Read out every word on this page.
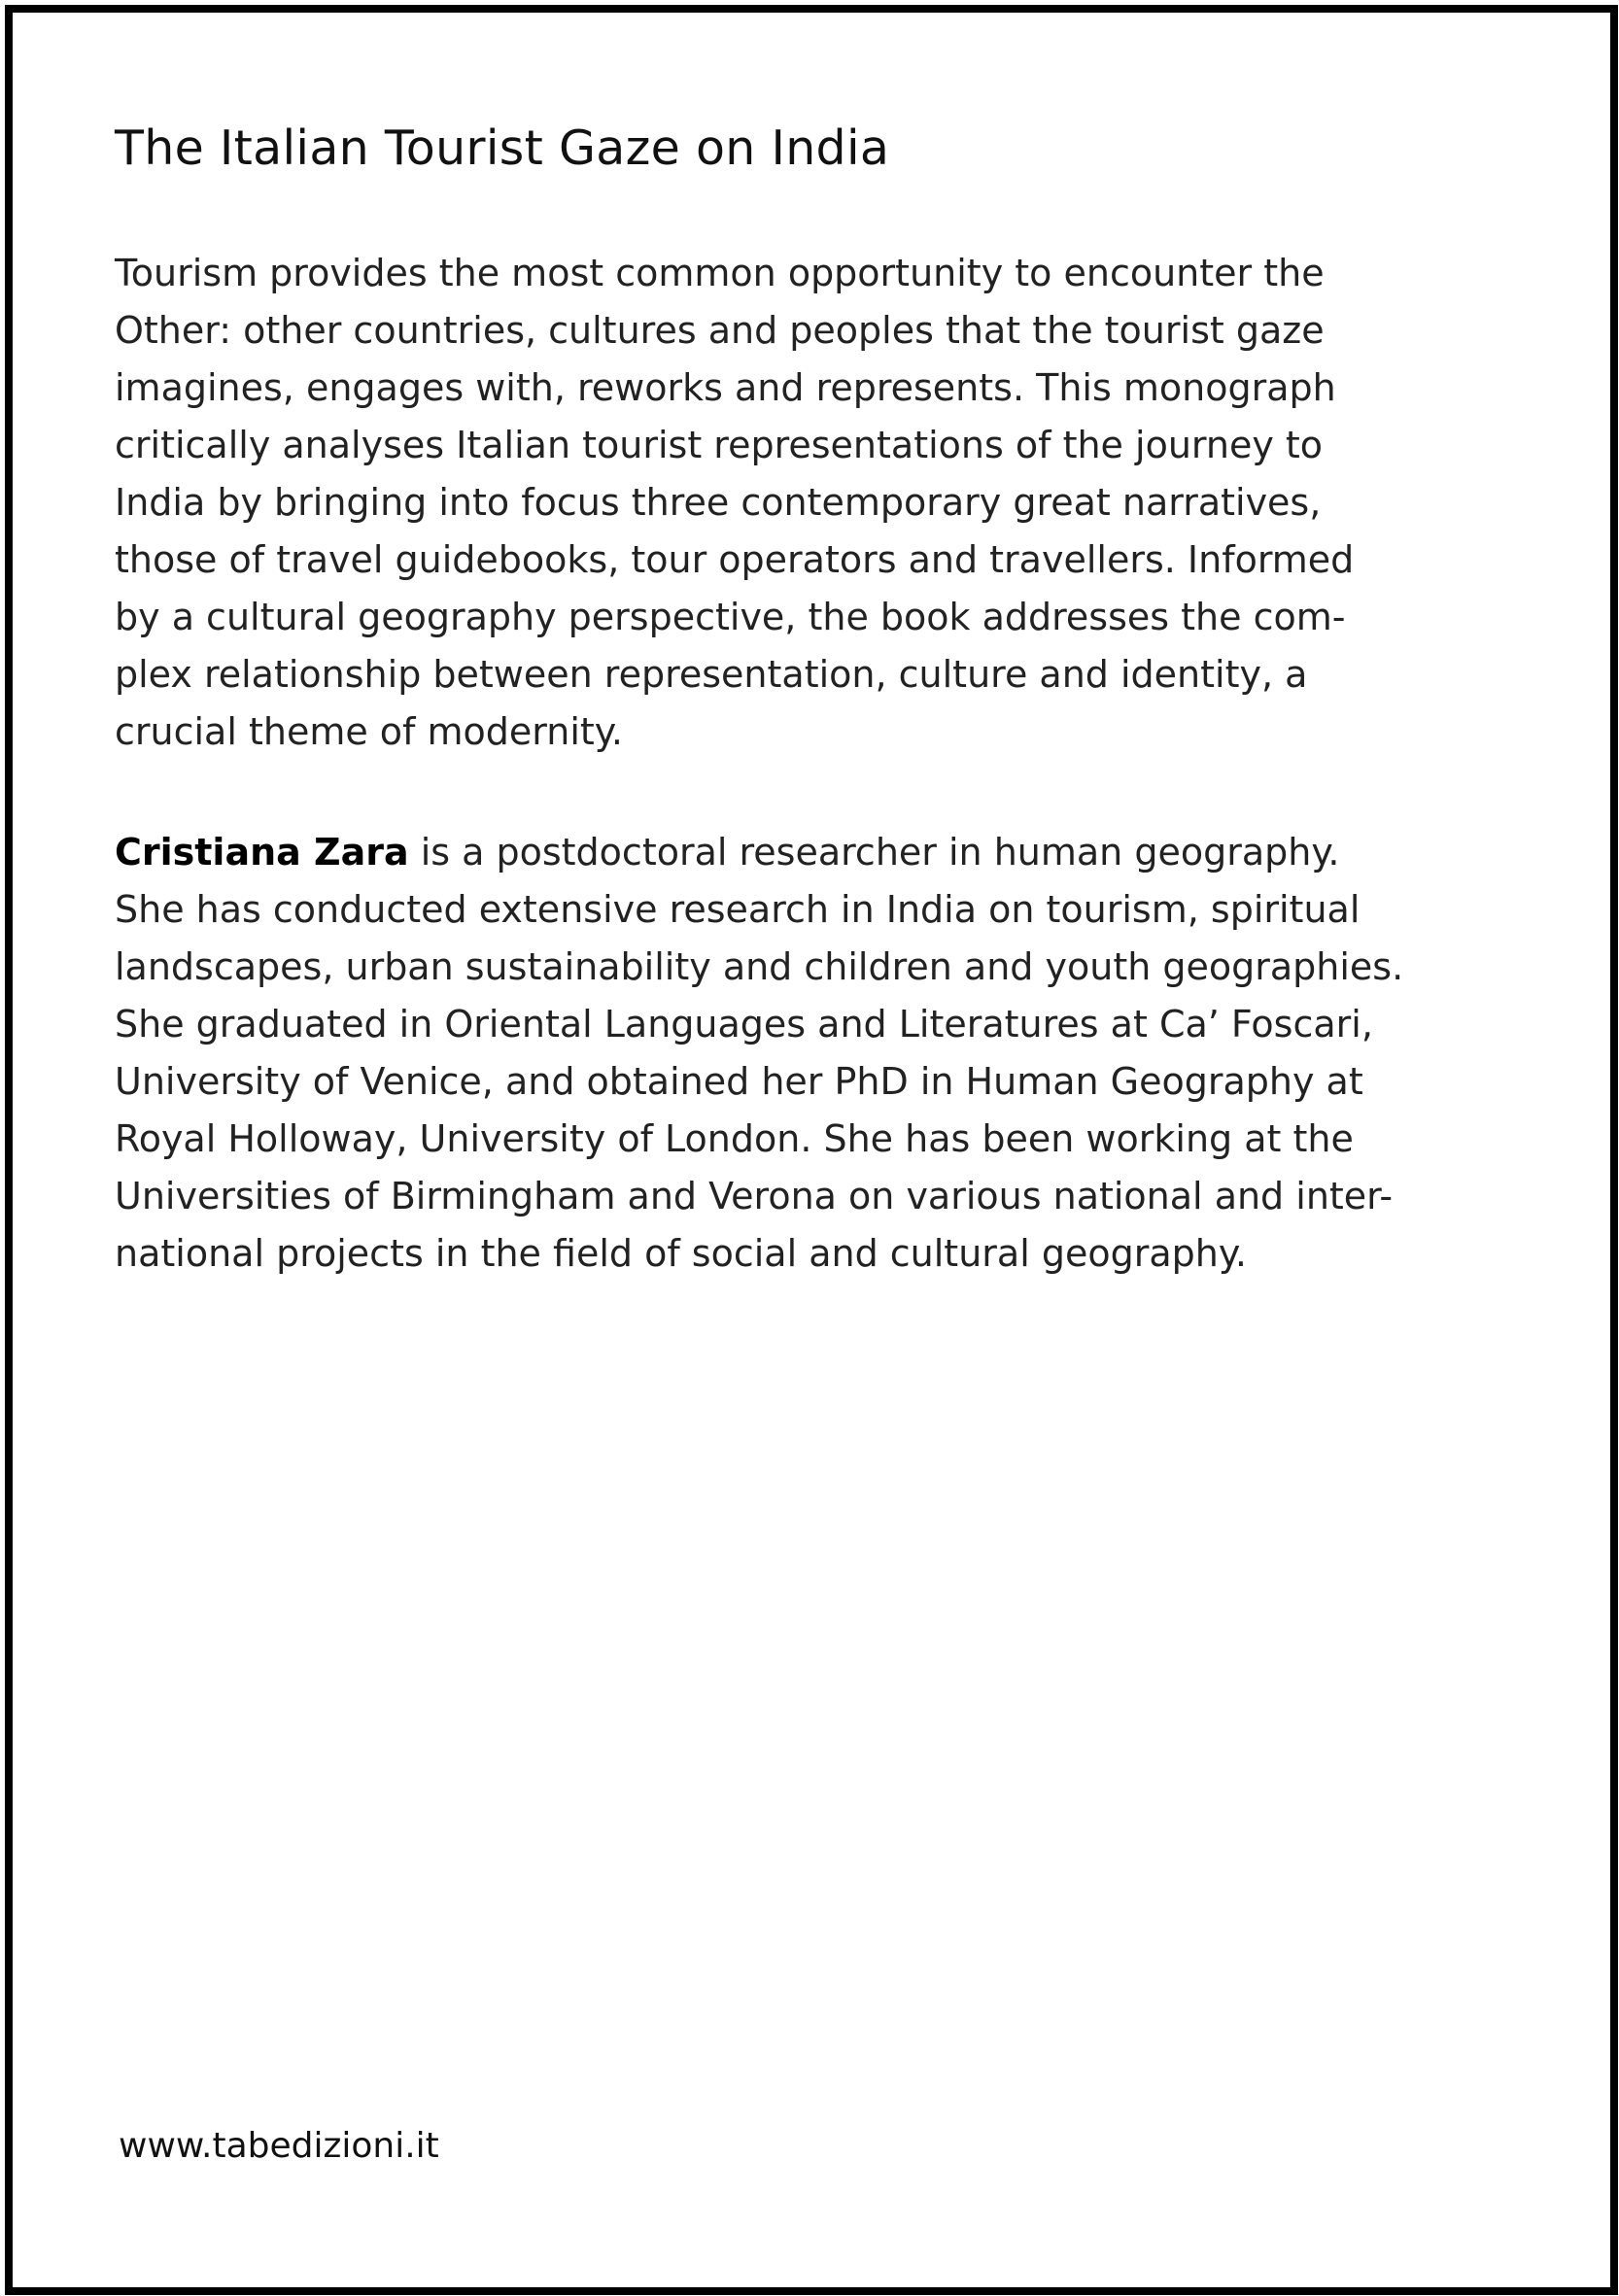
The Italian Tourist Gaze on India
Tourism provides the most common opportunity to encounter the
Other: other countries, cultures and peoples that the tourist gaze
imagines, engages with, reworks and represents. This monograph
critically analyses Italian tourist representations of the journey to
India by bringing into focus three contemporary great narratives,
those of travel guidebooks, tour operators and travellers. Informed
by a cultural geography perspective, the book addresses the com-
plex relationship between representation, culture and identity, a
crucial theme of modernity.
Cristiana Zara is a postdoctoral researcher in human geography.
She has conducted extensive research in India on tourism, spiritual
landscapes, urban sustainability and children and youth geographies.
She graduated in Oriental Languages and Literatures at Ca’ Foscari,
University of Venice, and obtained her PhD in Human Geography at
Royal Holloway, University of London. She has been working at the
Universities of Birmingham and Verona on various national and inter-
national projects in the field of social and cultural geography.
www.tabedizioni.it
